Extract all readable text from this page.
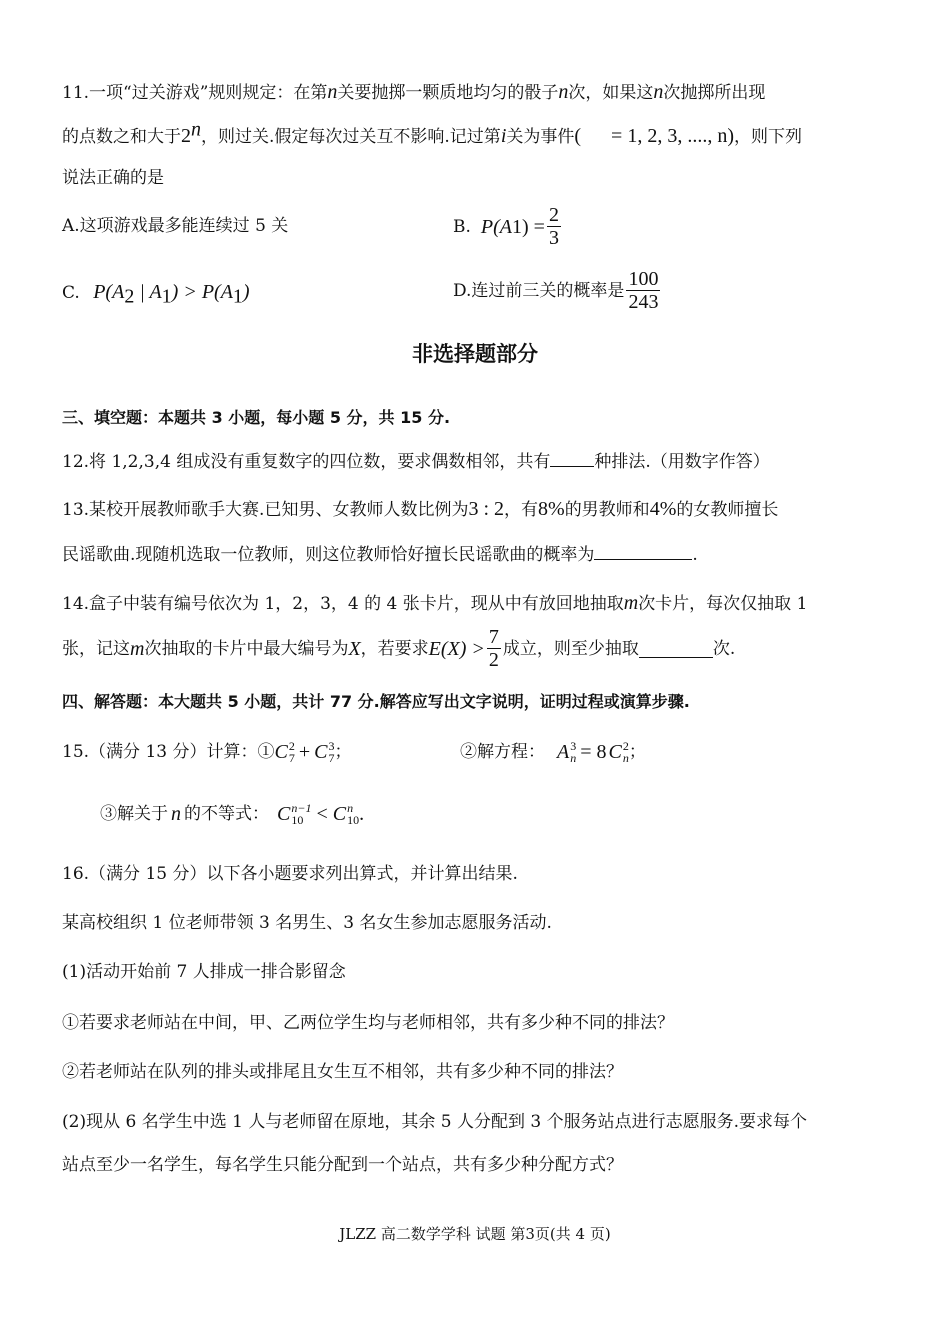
11.一项“过关游戏”规则规定：在第n关要抛掷一颗质地均匀的骰子n次，如果这n次抛掷所出现
的点数之和大于2$^n$，则过关.假定每次过关互不影响.记过第i关为事件(      = 1, 2, 3, ...., n)，则下列
说法正确的是
A.这项游戏最多能连续过 5 关	B. P(A 1 ) = $\frac{2}{3}$
C. $P(A_2$ | $A_1) > P(A_1)$	D.连过前三关的概率是 $\frac{100}{243}$
非选择题部分
三、填空题：本题共 3 小题，每小题 5 分，共 15 分.
12.将 1,2,3,4 组成没有重复数字的四位数，要求偶数相邻，共有	种排法.（用数字作答）
13.某校开展教师歌手大赛.已知男、女教师人数比例为3 : 2，有8%的男教师和4%的女教师擅长
民谣歌曲.现随机选取一位教师，则这位教师恰好擅长民谣歌曲的概率为	.
14.盒子中装有编号依次为 1，2，3，4 的 4 张卡片，现从中有放回地抽取m次卡片，每次仅抽取 1
张，记这 m 次抽取的卡片中最大编号为 X ，若要求 $E(X) > \frac{7}{2}$ 成立，则至少抽取	次.
四、解答题：本大题共 5 小题，共计 77 分.解答应写出文字说明，证明过程或演算步骤.
15.（满分 13 分）计算：① C 2
7 + C 3
7 ；	②解方程： A 3
n = 8 C 2
n ；
③解关于 n 的不等式： C n−1
10 < C n
10 .
16.（满分 15 分）以下各小题要求列出算式，并计算出结果.
某高校组织 1 位老师带领 3 名男生、3 名女生参加志愿服务活动.
(1)活动开始前 7 人排成一排合影留念
①若要求老师站在中间，甲、乙两位学生均与老师相邻，共有多少种不同的排法？
②若老师站在队列的排头或排尾且女生互不相邻，共有多少种不同的排法？
(2)现从 6 名学生中选 1 人与老师留在原地，其余 5 人分配到 3 个服务站点进行志愿服务.要求每个
站点至少一名学生，每名学生只能分配到一个站点，共有多少种分配方式？
JLZZ 高二数学学科 试题 第3页(共 4 页)
